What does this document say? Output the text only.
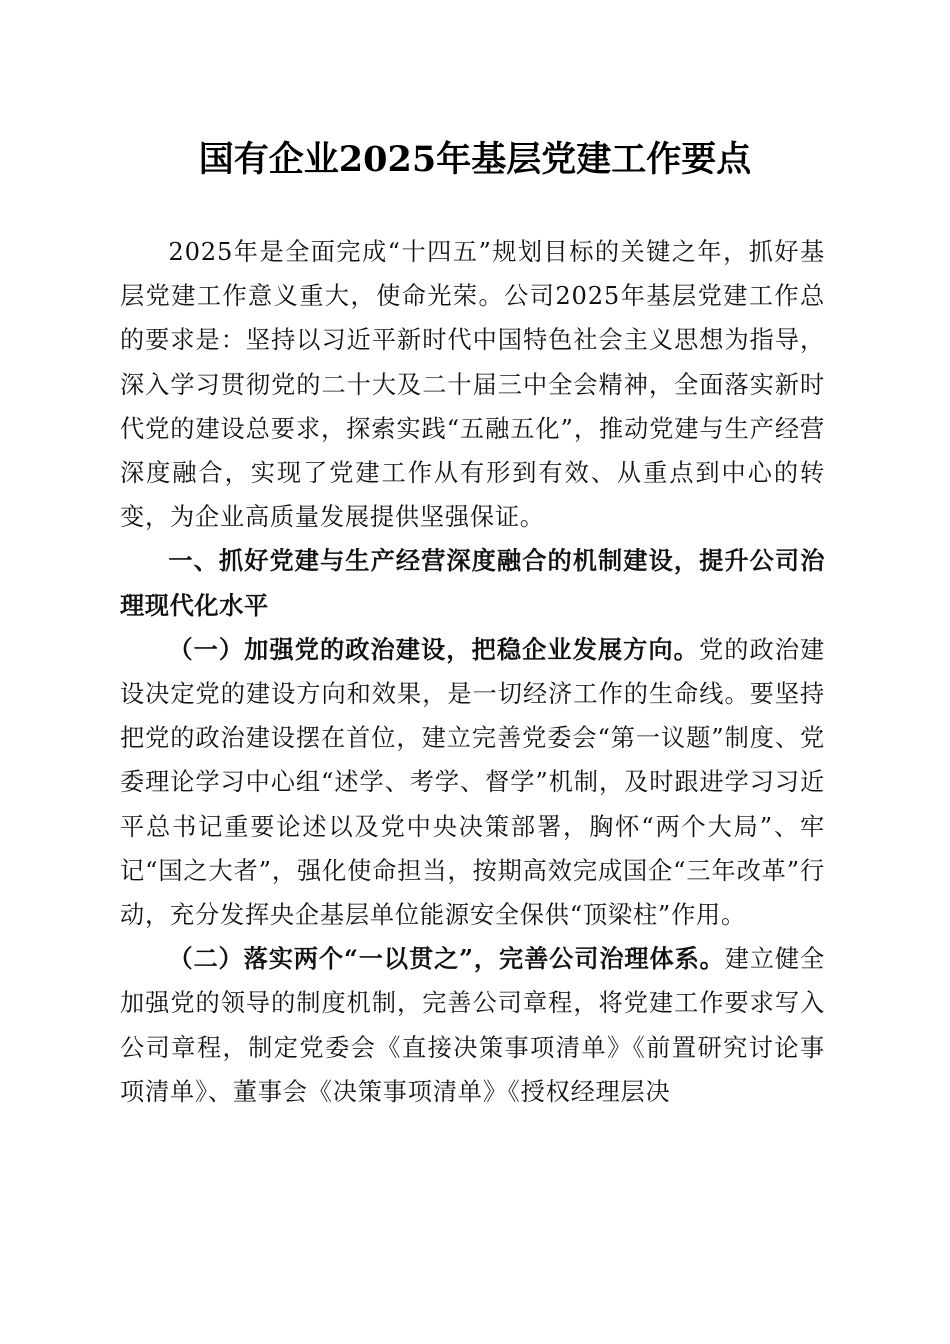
国有企业2025年基层党建工作要点

2025年是全面完成“十四五”规划目标的关键之年，抓好基层党建工作意义重大，使命光荣。公司2025年基层党建工作总的要求是：坚持以习近平新时代中国特色社会主义思想为指导，深入学习贯彻党的二十大及二十届三中全会精神，全面落实新时代党的建设总要求，探索实践“五融五化”，推动党建与生产经营深度融合，实现了党建工作从有形到有效、从重点到中心的转变，为企业高质量发展提供坚强保证。

一、抓好党建与生产经营深度融合的机制建设，提升公司治理现代化水平

（一）加强党的政治建设，把稳企业发展方向。党的政治建设决定党的建设方向和效果，是一切经济工作的生命线。要坚持把党的政治建设摆在首位，建立完善党委会“第一议题”制度、党委理论学习中心组“述学、考学、督学”机制，及时跟进学习习近平总书记重要论述以及党中央决策部署，胸怀“两个大局”、牢记“国之大者”，强化使命担当，按期高效完成国企“三年改革”行动，充分发挥央企基层单位能源安全保供“顶梁柱”作用。

（二）落实两个“一以贯之”，完善公司治理体系。建立健全加强党的领导的制度机制，完善公司章程，将党建工作要求写入公司章程，制定党委会《直接决策事项清单》《前置研究讨论事项清单》、董事会《决策事项清单》《授权经理层决
